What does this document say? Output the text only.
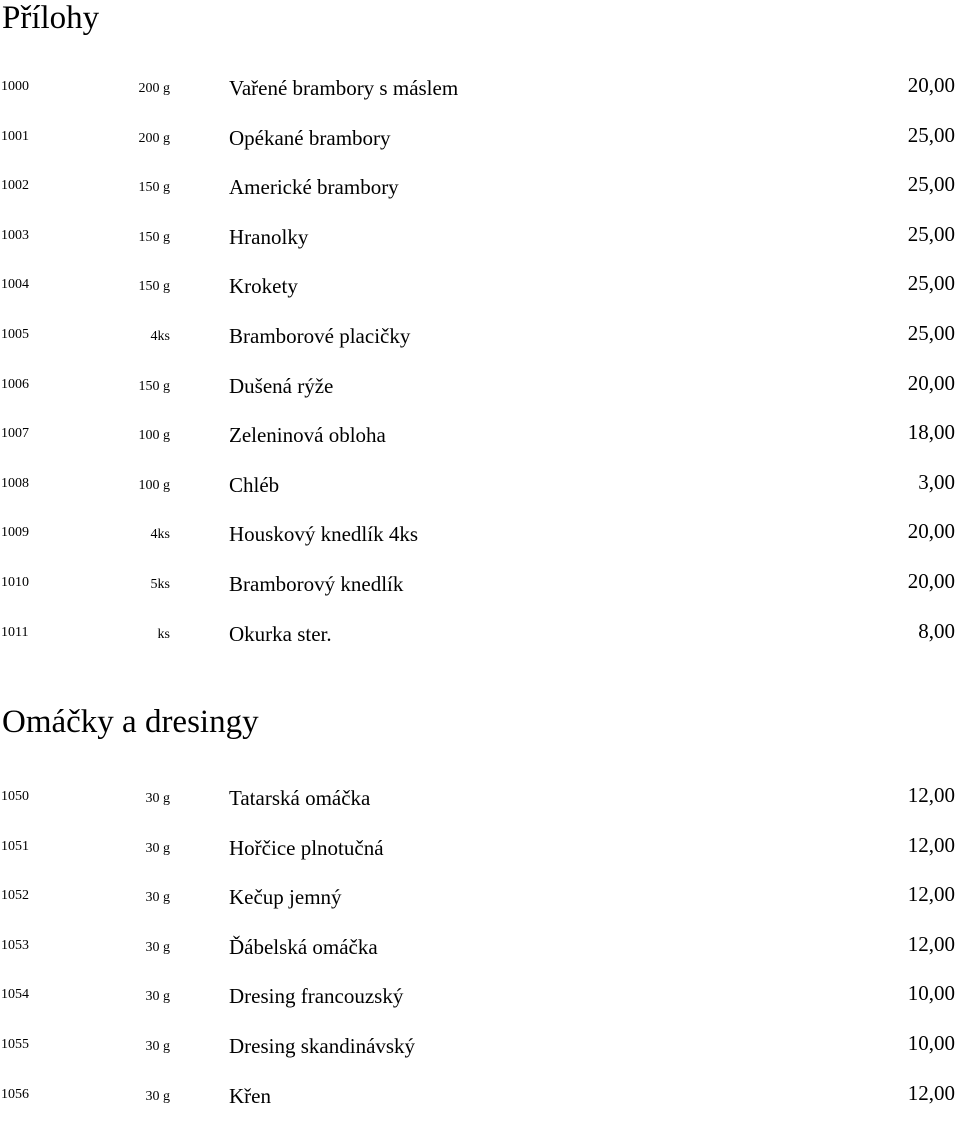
Přílohy
1000	200 g	Vařené brambory s máslem	20,00
1001	200 g	Opékané brambory	25,00
1002	150 g	Americké brambory	25,00
1003	150 g	Hranolky	25,00
1004	150 g	Krokety	25,00
1005	4ks	Bramborové placičky	25,00
1006	150 g	Dušená rýže	20,00
1007	100 g	Zeleninová obloha	18,00
1008	100 g	Chléb	3,00
1009	4ks	Houskový knedlík 4ks	20,00
1010	5ks	Bramborový knedlík	20,00
1011	ks	Okurka ster.	8,00
Omáčky a dresingy
1050	30 g	Tatarská omáčka	12,00
1051	30 g	Hořčice plnotučná	12,00
1052	30 g	Kečup jemný	12,00
1053	30 g	Ďábelská omáčka	12,00
1054	30 g	Dresing francouzský	10,00
1055	30 g	Dresing skandinávský	10,00
1056	30 g	Křen	12,00
